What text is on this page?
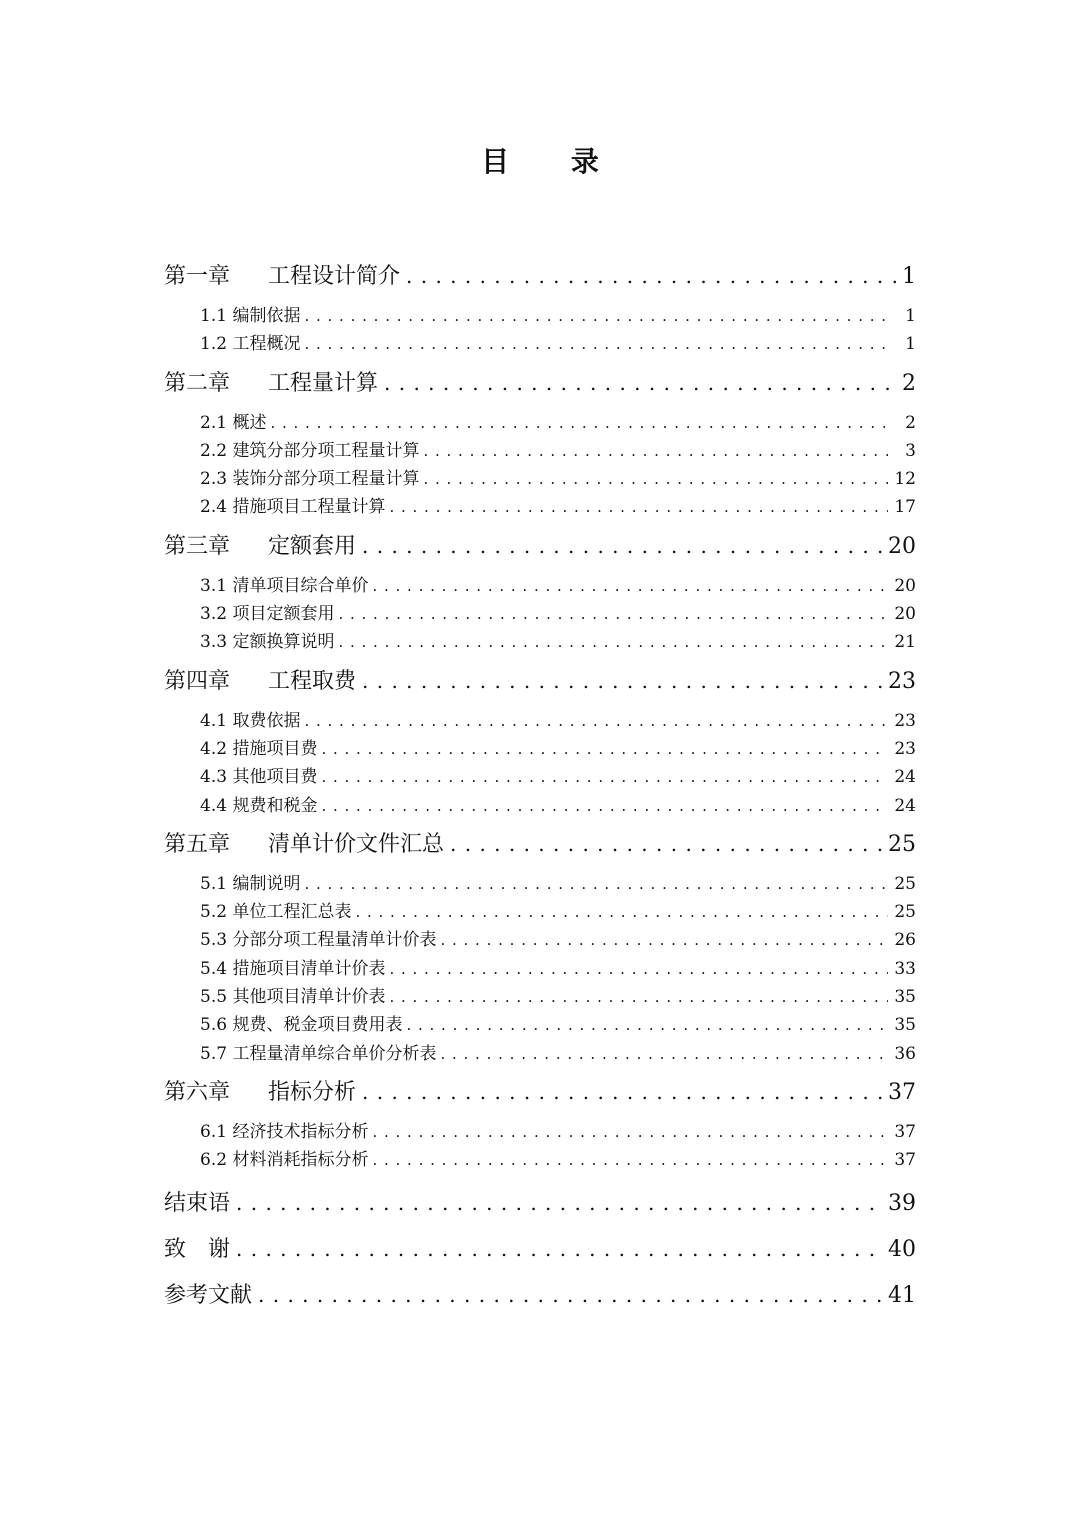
目 录
第一章 工程设计简介 . . .	1
1.1 编制依据 . . .	1
1.2 工程概况 . . .	1
第二章 工程量计算 . . .	2
2.1 概述 . . .	2
2.2 建筑分部分项工程量计算 . . .	3
2.3 装饰分部分项工程量计算 . . .	12
2.4 措施项目工程量计算 . . .	17
第三章 定额套用 . . .	20
3.1 清单项目综合单价 . . .	20
3.2 项目定额套用 . . .	20
3.3 定额换算说明 . . .	21
第四章 工程取费 . . .	23
4.1 取费依据 . . .	23
4.2 措施项目费 . . .	23
4.3 其他项目费 . . .	24
4.4 规费和税金 . . .	24
第五章 清单计价文件汇总 . . .	25
5.1 编制说明 . . .	25
5.2 单位工程汇总表 . . .	25
5.3 分部分项工程量清单计价表 . . .	26
5.4 措施项目清单计价表 . . .	33
5.5 其他项目清单计价表 . . .	35
5.6 规费、税金项目费用表 . . .	35
5.7 工程量清单综合单价分析表 . . .	36
第六章 指标分析 . . .	37
6.1 经济技术指标分析 . . .	37
6.2 材料消耗指标分析 . . .	37
结束语 . . .	39
致　谢 . . .	40
参考文献 . . .	41
